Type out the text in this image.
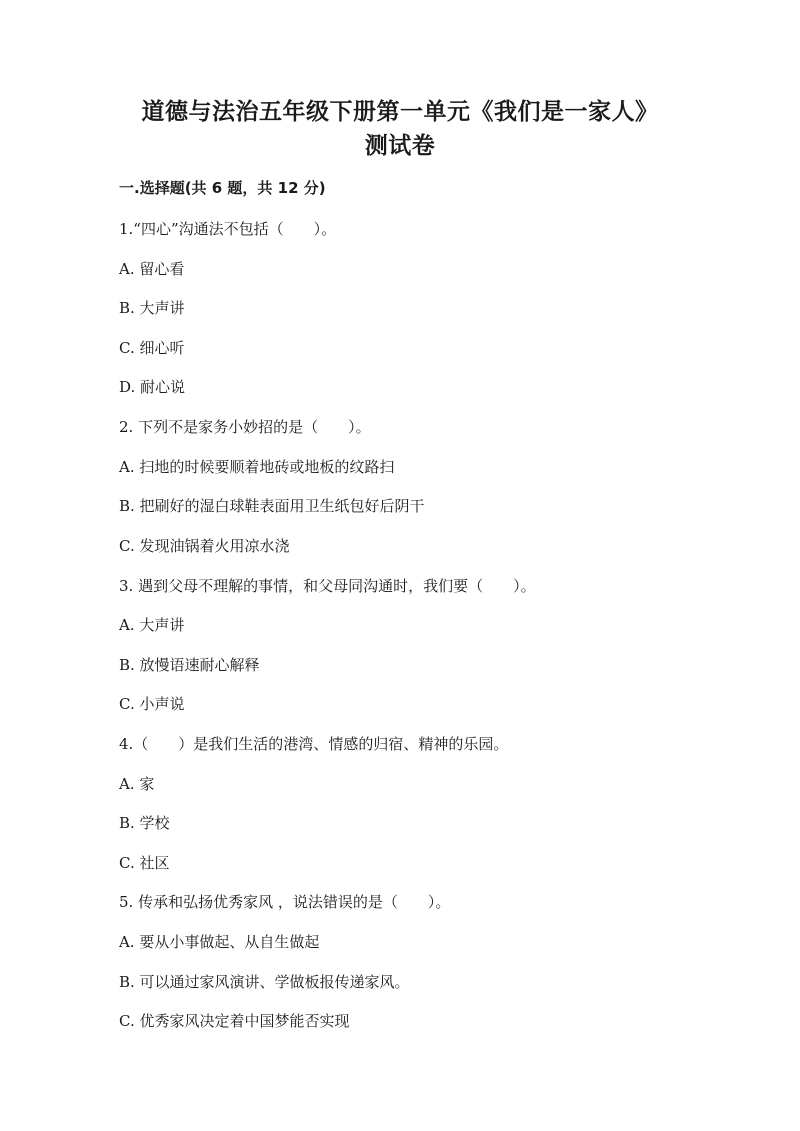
道德与法治五年级下册第一单元《我们是一家人》
测试卷
一.选择题(共 6 题，共 12 分)

1.“四心”沟通法不包括（　　）。

A. 留心看

B. 大声讲

C. 细心听

D. 耐心说

2. 下列不是家务小妙招的是（　　）。

A. 扫地的时候要顺着地砖或地板的纹路扫

B. 把刷好的湿白球鞋表面用卫生纸包好后阴干

C. 发现油锅着火用凉水浇

3. 遇到父母不理解的事情，和父母同沟通时，我们要（　　）。

A. 大声讲

B. 放慢语速耐心解释

C. 小声说

4.（　　）是我们生活的港湾、情感的归宿、精神的乐园。

A. 家

B. 学校

C. 社区

5. 传承和弘扬优秀家风 ，说法错误的是（　　）。

A. 要从小事做起、从自生做起

B. 可以通过家风演讲、学做板报传递家风。

C. 优秀家风决定着中国梦能否实现
